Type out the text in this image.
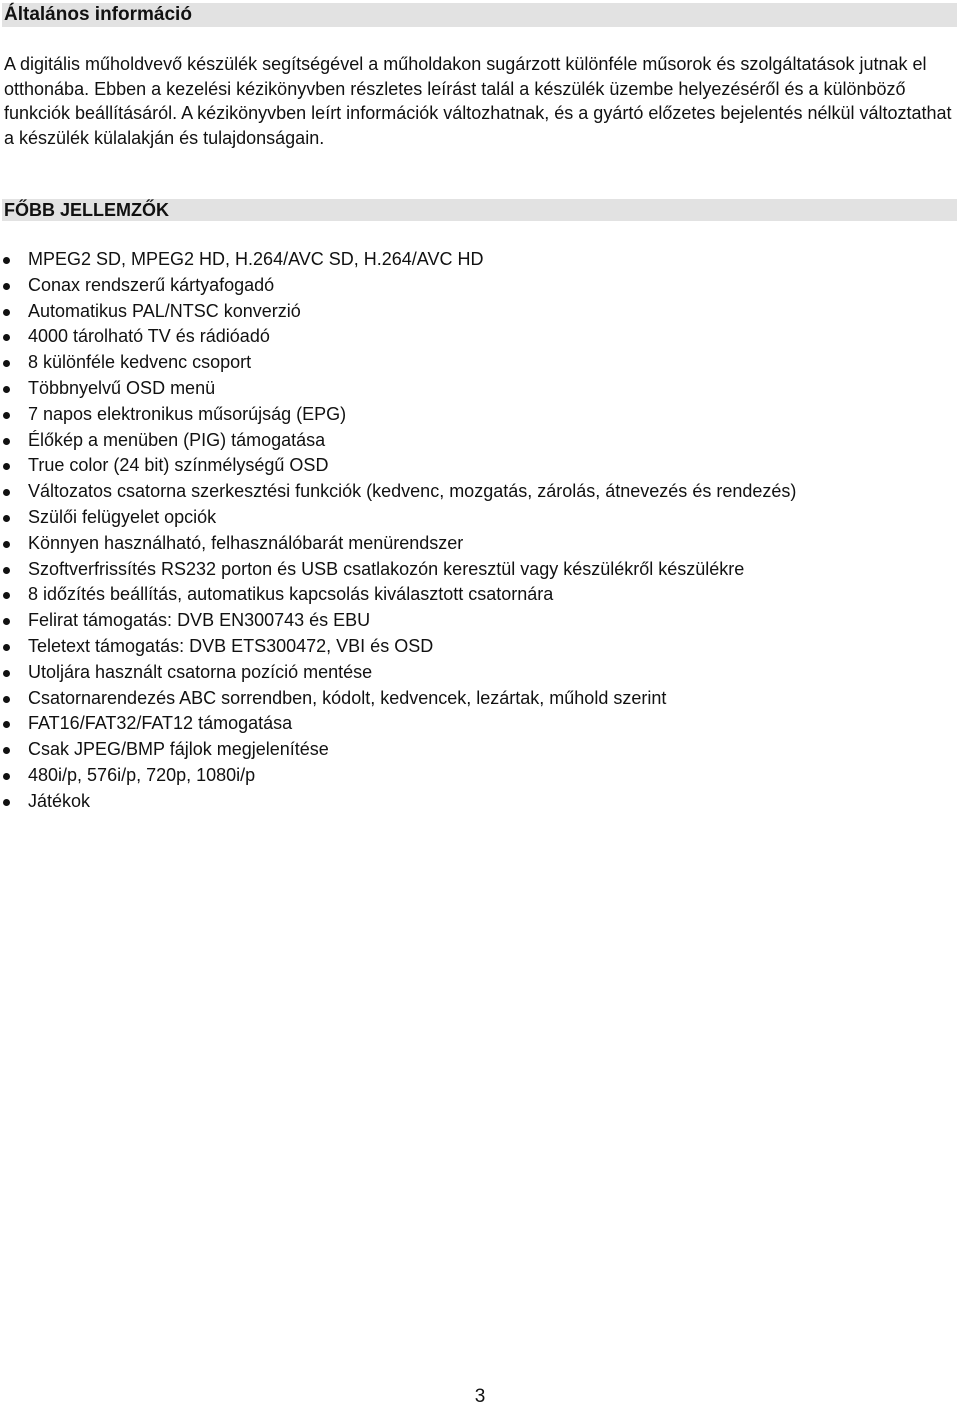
Általános információ

A digitális műholdvevő készülék segítségével a műholdakon sugárzott különféle műsorok és szolgáltatások jutnak el otthonába. Ebben a kezelési kézikönyvben részletes leírást talál a készülék üzembe helyezéséről és a különböző funkciók beállításáról. A kézikönyvben leírt információk változhatnak, és a gyártó előzetes bejelentés nélkül változtathat a készülék külalakján és tulajdonságain.

FŐBB JELLEMZŐK
MPEG2 SD, MPEG2 HD, H.264/AVC SD, H.264/AVC HD
Conax rendszerű kártyafogadó
Automatikus PAL/NTSC konverzió
4000 tárolható TV és rádióadó
8 különféle kedvenc csoport
Többnyelvű OSD menü
7 napos elektronikus műsorújság (EPG)
Élőkép a menüben (PIG) támogatása
True color (24 bit) színmélységű OSD
Változatos csatorna szerkesztési funkciók (kedvenc, mozgatás, zárolás, átnevezés és rendezés)
Szülői felügyelet opciók
Könnyen használható, felhasználóbarát menürendszer
Szoftverfrissítés RS232 porton és USB csatlakozón keresztül vagy készülékről készülékre
8 időzítés beállítás, automatikus kapcsolás kiválasztott csatornára
Felirat támogatás: DVB EN300743 és EBU
Teletext támogatás: DVB ETS300472, VBI és OSD
Utoljára használt csatorna pozíció mentése
Csatornarendezés ABC sorrendben, kódolt, kedvencek, lezártak, műhold szerint
FAT16/FAT32/FAT12 támogatása
Csak JPEG/BMP fájlok megjelenítése
480i/p, 576i/p, 720p, 1080i/p
Játékok
3
